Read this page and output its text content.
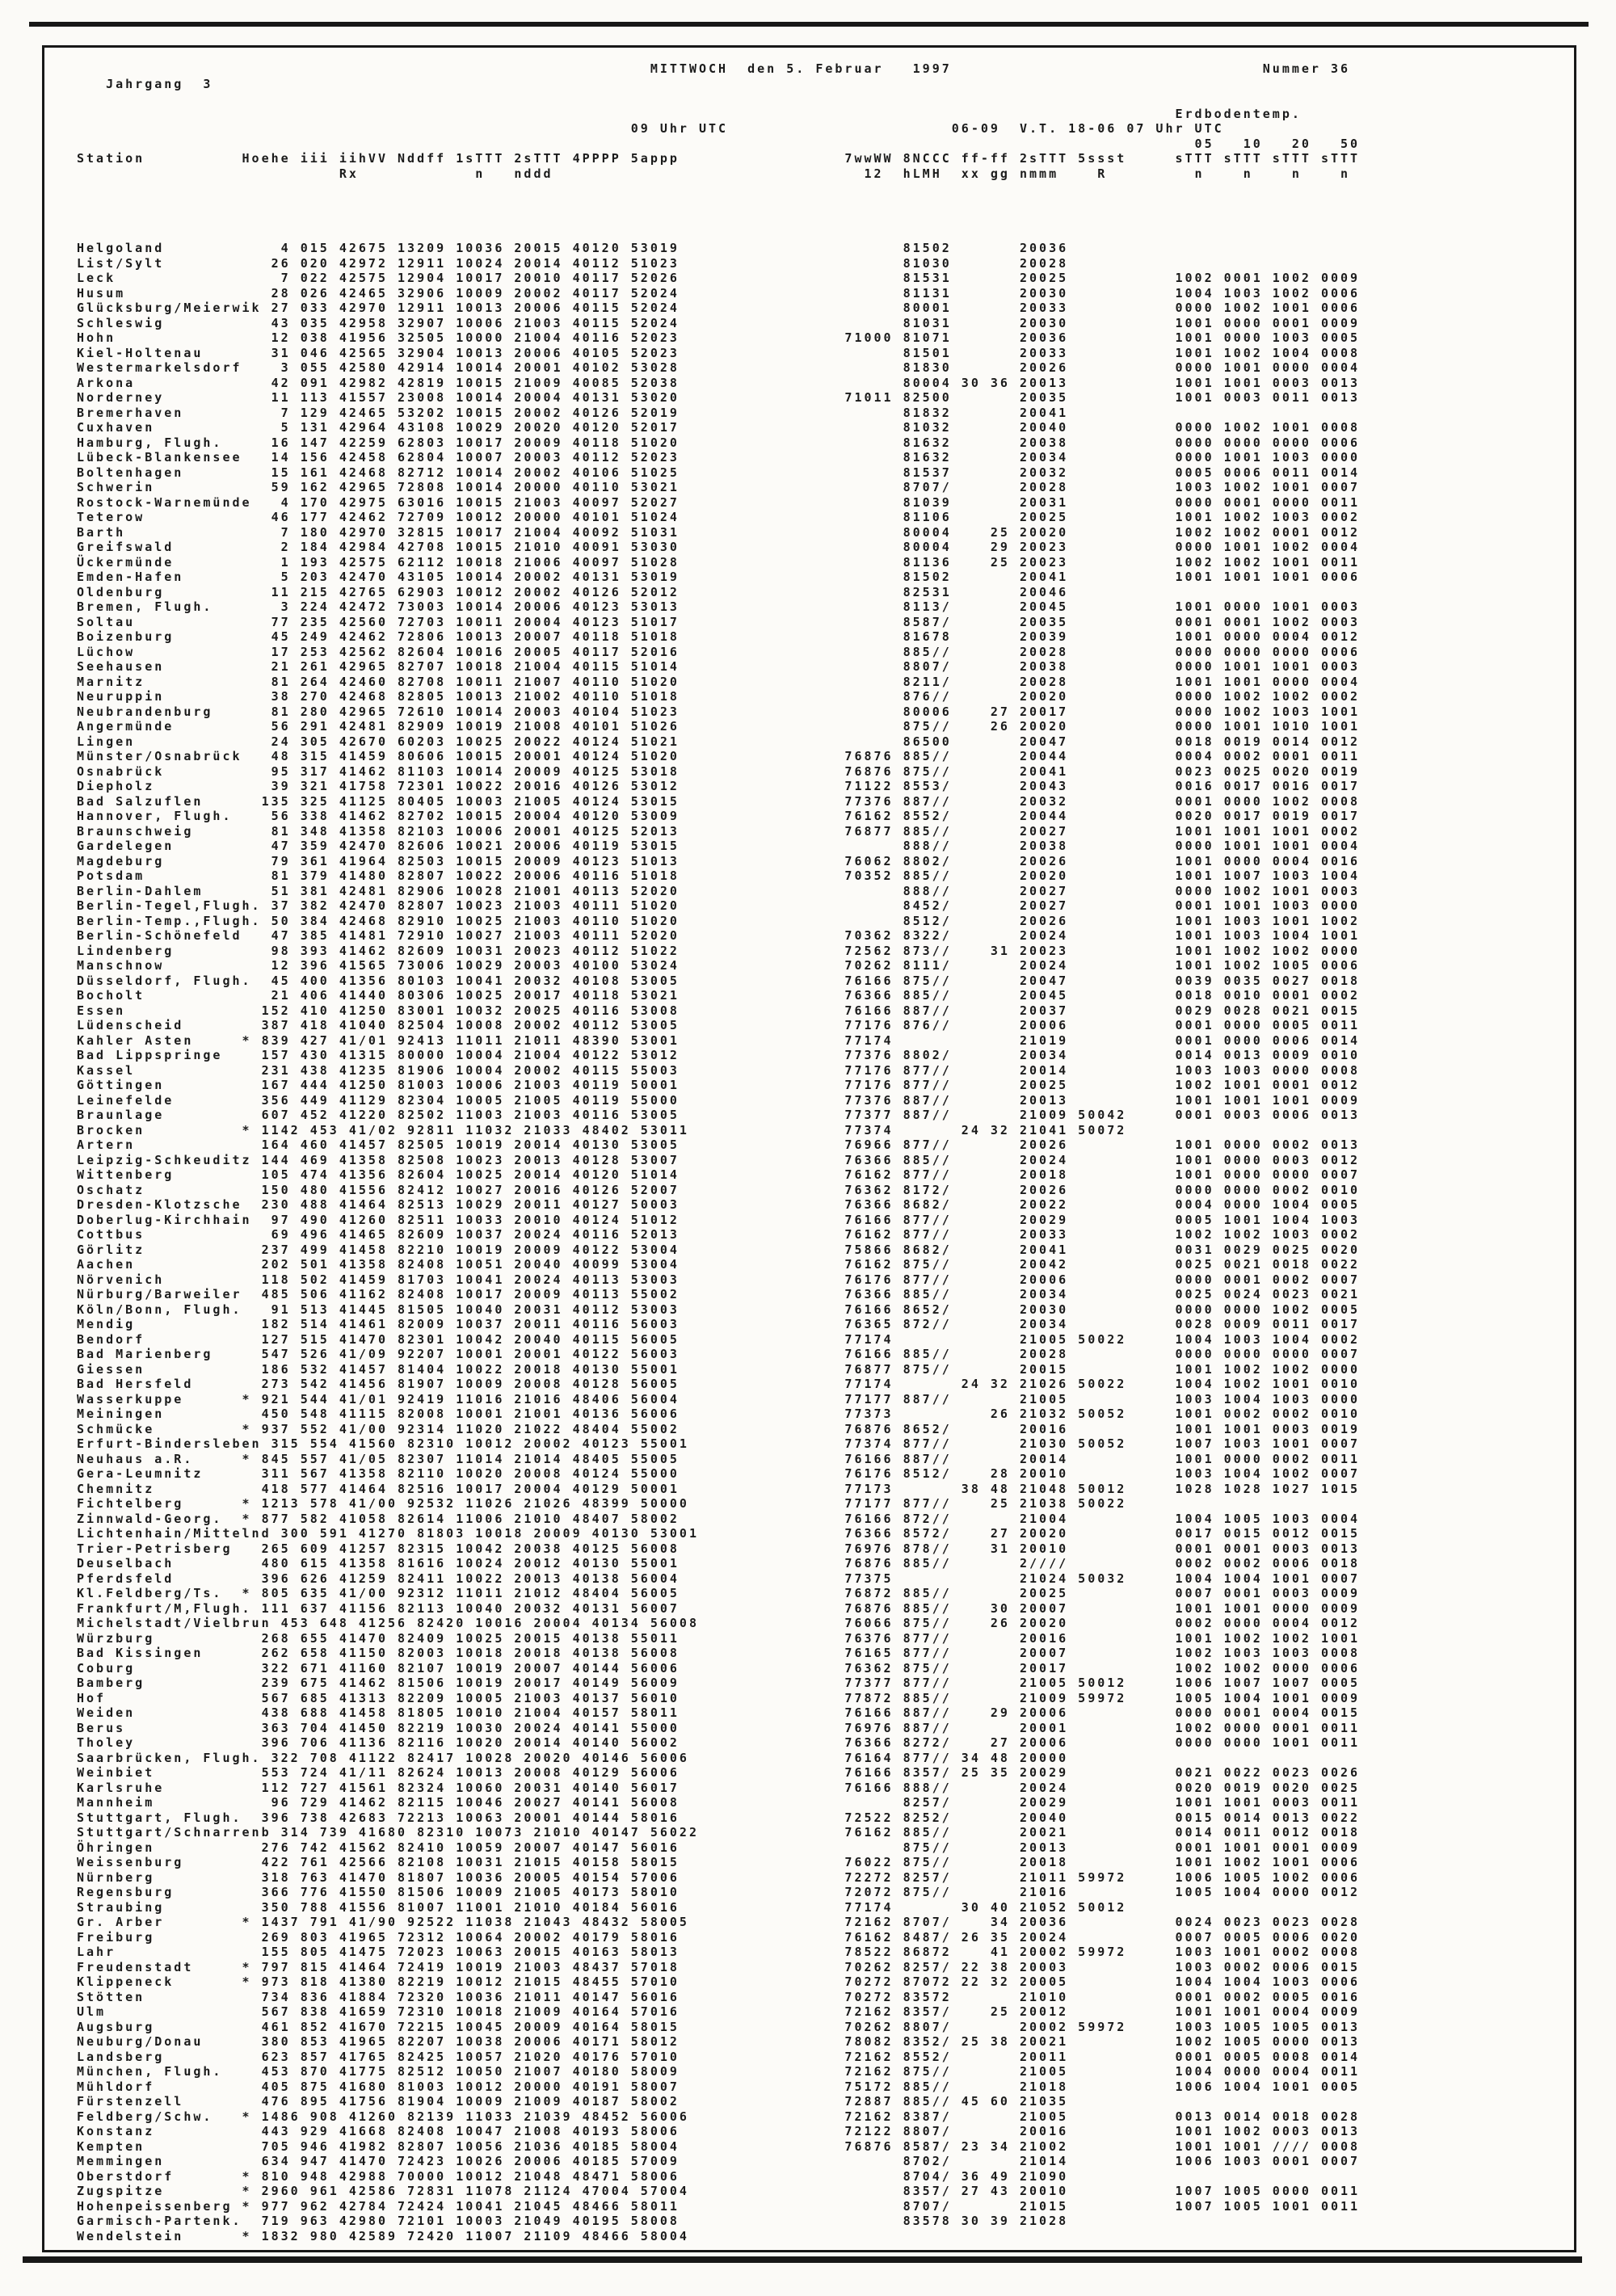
MITTWOCH  den 5. Februar   1997                                Nummer 36
Jahrgang  3

Erdbodentemp.
09 Uhr UTC                       06-09  V.T. 18-06 07 Uhr UTC
05   10   20   50
Station          Hoehe iii iihVV Nddff 1sTTT 2sTTT 4PPPP 5appp                 7wwWW 8NCCC ff-ff 2sTTT 5ssst     sTTT sTTT sTTT sTTT
Rx            n   nddd                                12  hLMH  xx gg nmmm    R         n    n    n    n

Helgoland            4 015 42675 13209 10036 20015 40120 53019                       81502       20036
List/Sylt           26 020 42972 12911 10024 20014 40112 51023                       81030       20028
Leck                 7 022 42575 12904 10017 20010 40117 52026                       81531       20025           1002 0001 1002 0009
Husum               28 026 42465 32906 10009 20002 40117 52024                       81131       20030           1004 1003 1002 0006
Glücksburg/Meierwik 27 033 42970 12911 10013 20006 40115 52024                       80001       20033           0000 1002 1001 0006
Schleswig           43 035 42958 32907 10006 21003 40115 52024                       81031       20030           1001 0000 0001 0009
Hohn                12 038 41956 32505 10000 21004 40116 52023                 71000 81071       20036           1001 0000 1003 0005
Kiel-Holtenau       31 046 42565 32904 10013 20006 40105 52023                       81501       20033           1001 1002 1004 0008
Westermarkelsdorf    3 055 42580 42914 10014 20001 40102 53028                       81830       20026           0000 1001 0000 0004
Arkona              42 091 42982 42819 10015 21009 40085 52038                       80004 30 36 20013           1001 1001 0003 0013
Norderney           11 113 41557 23008 10014 20004 40131 53020                 71011 82500       20035           1001 0003 0011 0013
Bremerhaven          7 129 42465 53202 10015 20002 40126 52019                       81832       20041
Cuxhaven             5 131 42964 43108 10029 20020 40120 52017                       81032       20040           0000 1002 1001 0008
Hamburg, Flugh.     16 147 42259 62803 10017 20009 40118 51020                       81632       20038           0000 0000 0000 0006
Lübeck-Blankensee   14 156 42458 62804 10007 20003 40112 52023                       81632       20034           0000 1001 1003 0000
Boltenhagen         15 161 42468 82712 10014 20002 40106 51025                       81537       20032           0005 0006 0011 0014
Schwerin            59 162 42965 72808 10014 20000 40110 53021                       8707/       20028           1003 1002 1001 0007
Rostock-Warnemünde   4 170 42975 63016 10015 21003 40097 52027                       81039       20031           0000 0001 0000 0011
Teterow             46 177 42462 72709 10012 20000 40101 51024                       81106       20025           1001 1002 1003 0002
Barth                7 180 42970 32815 10017 21004 40092 51031                       80004    25 20020           1002 1002 0001 0012
Greifswald           2 184 42984 42708 10015 21010 40091 53030                       80004    29 20023           0000 1001 1002 0004
Ückermünde           1 193 42575 62112 10018 21006 40097 51028                       81136    25 20023           1002 1002 1001 0011
Emden-Hafen          5 203 42470 43105 10014 20002 40131 53019                       81502       20041           1001 1001 1001 0006
Oldenburg           11 215 42765 62903 10012 20002 40126 52012                       82531       20046
Bremen, Flugh.       3 224 42472 73003 10014 20006 40123 53013                       8113/       20045           1001 0000 1001 0003
Soltau              77 235 42560 72703 10011 20004 40123 51017                       8587/       20035           0001 0001 1002 0003
Boizenburg          45 249 42462 72806 10013 20007 40118 51018                       81678       20039           1001 0000 0004 0012
Lüchow              17 253 42562 82604 10016 20005 40117 52016                       885//       20028           0000 0000 0000 0006
Seehausen           21 261 42965 82707 10018 21004 40115 51014                       8807/       20038           0000 1001 1001 0003
Marnitz             81 264 42460 82708 10011 21007 40110 51020                       8211/       20028           1001 1001 0000 0004
Neuruppin           38 270 42468 82805 10013 21002 40110 51018                       876//       20020           0000 1002 1002 0002
Neubrandenburg      81 280 42965 72610 10014 20003 40104 51023                       80006    27 20017           0000 1002 1003 1001
Angermünde          56 291 42481 82909 10019 21008 40101 51026                       875//    26 20020           0000 1001 1010 1001
Lingen              24 305 42670 60203 10025 20022 40124 51021                       86500       20047           0018 0019 0014 0012
Münster/Osnabrück   48 315 41459 80606 10015 20001 40124 51020                 76876 885//       20044           0004 0002 0001 0011
Osnabrück           95 317 41462 81103 10014 20009 40125 53018                 76876 875//       20041           0023 0025 0020 0019
Diepholz            39 321 41758 72301 10022 20016 40126 53012                 71122 8553/       20043           0016 0017 0016 0017
Bad Salzuflen      135 325 41125 80405 10003 21005 40124 53015                 77376 887//       20032           0001 0000 1002 0008
Hannover, Flugh.    56 338 41462 82702 10015 20004 40120 53009                 76162 8552/       20044           0020 0017 0019 0017
Braunschweig        81 348 41358 82103 10006 20001 40125 52013                 76877 885//       20027           1001 1001 1001 0002
Gardelegen          47 359 42470 82606 10021 20006 40119 53015                       888//       20038           0000 1001 1001 0004
Magdeburg           79 361 41964 82503 10015 20009 40123 51013                 76062 8802/       20026           1001 0000 0004 0016
Potsdam             81 379 41480 82807 10022 20006 40116 51018                 70352 885//       20020           1001 1007 1003 1004
Berlin-Dahlem       51 381 42481 82906 10028 21001 40113 52020                       888//       20027           0000 1002 1001 0003
Berlin-Tegel,Flugh. 37 382 42470 82807 10023 21003 40111 51020                       8452/       20027           0001 1001 1003 0000
Berlin-Temp.,Flugh. 50 384 42468 82910 10025 21003 40110 51020                       8512/       20026           1001 1003 1001 1002
Berlin-Schönefeld   47 385 41481 72910 10027 21003 40111 52020                 70362 8322/       20024           1001 1003 1004 1001
Lindenberg          98 393 41462 82609 10031 20023 40112 51022                 72562 873//    31 20023           1001 1002 1002 0000
Manschnow           12 396 41565 73006 10029 20003 40100 53024                 70262 8111/       20024           1001 1002 1005 0006
Düsseldorf, Flugh.  45 400 41356 80103 10041 20032 40108 53005                 76166 875//       20047           0039 0035 0027 0018
Bocholt             21 406 41440 80306 10025 20017 40118 53021                 76366 885//       20045           0018 0010 0001 0002
Essen              152 410 41250 83001 10032 20025 40116 53008                 76166 887//       20037           0029 0028 0021 0015
Lüdenscheid        387 418 41040 82504 10008 20002 40112 53005                 77176 876//       20006           0001 0000 0005 0011
Kahler Asten     * 839 427 41/01 92413 11011 21011 48390 53001                 77174             21019           0001 0000 0006 0014
Bad Lippspringe    157 430 41315 80000 10004 21004 40122 53012                 77376 8802/       20034           0014 0013 0009 0010
Kassel             231 438 41235 81906 10004 20002 40115 55003                 77176 877//       20014           1003 1003 0000 0008
Göttingen          167 444 41250 81003 10006 21003 40119 50001                 77176 877//       20025           1002 1001 0001 0012
Leinefelde         356 449 41129 82304 10005 21005 40119 55000                 77376 887//       20013           1001 1001 1001 0009
Braunlage          607 452 41220 82502 11003 21003 40116 53005                 77377 887//       21009 50042     0001 0003 0006 0013
Brocken          * 1142 453 41/02 92811 11032 21033 48402 53011                77374       24 32 21041 50072
Artern             164 460 41457 82505 10019 20014 40130 53005                 76966 877//       20026           1001 0000 0002 0013
Leipzig-Schkeuditz 144 469 41358 82508 10023 20013 40128 53007                 76366 885//       20024           1001 0000 0003 0012
Wittenberg         105 474 41356 82604 10025 20014 40120 51014                 76162 877//       20018           1001 0000 0000 0007
Oschatz            150 480 41556 82412 10027 20016 40126 52007                 76362 8172/       20026           0000 0000 0002 0010
Dresden-Klotzsche  230 488 41464 82513 10029 20011 40127 50003                 76366 8682/       20022           0004 0000 1004 0005
Doberlug-Kirchhain  97 490 41260 82511 10033 20010 40124 51012                 76166 877//       20029           0005 1001 1004 1003
Cottbus             69 496 41465 82609 10037 20024 40116 52013                 76162 877//       20033           1002 1002 1003 0002
Görlitz            237 499 41458 82210 10019 20009 40122 53004                 75866 8682/       20041           0031 0029 0025 0020
Aachen             202 501 41358 82408 10051 20040 40099 53004                 76162 875//       20042           0025 0021 0018 0022
Nörvenich          118 502 41459 81703 10041 20024 40113 53003                 76176 877//       20006           0000 0001 0002 0007
Nürburg/Barweiler  485 506 41162 82408 10017 20009 40113 55002                 76366 885//       20034           0025 0024 0023 0021
Köln/Bonn, Flugh.   91 513 41445 81505 10040 20031 40112 53003                 76166 8652/       20030           0000 0000 1002 0005
Mendig             182 514 41461 82009 10037 20011 40116 56003                 76365 872//       20034           0028 0009 0011 0017
Bendorf            127 515 41470 82301 10042 20040 40115 56005                 77174             21005 50022     1004 1003 1004 0002
Bad Marienberg     547 526 41/09 92207 10001 20001 40122 56003                 76166 885//       20028           0000 0000 0000 0007
Giessen            186 532 41457 81404 10022 20018 40130 55001                 76877 875//       20015           1001 1002 1002 0000
Bad Hersfeld       273 542 41456 81907 10009 20008 40128 56005                 77174       24 32 21026 50022     1004 1002 1001 0010
Wasserkuppe      * 921 544 41/01 92419 11016 21016 48406 56004                 77177 887//       21005           1003 1004 1003 0000
Meiningen          450 548 41115 82008 10001 21001 40136 56006                 77373          26 21032 50052     1001 0002 0002 0010
Schmücke         * 937 552 41/00 92314 11020 21022 48404 55002                 76876 8652/       20016           1001 1001 0003 0019
Erfurt-Bindersleben 315 554 41560 82310 10012 20002 40123 55001                77374 877//       21030 50052     1007 1003 1001 0007
Neuhaus a.R.     * 845 557 41/05 82307 11014 21014 48405 55005                 76166 887//       20014           1001 0000 0002 0011
Gera-Leumnitz      311 567 41358 82110 10020 20008 40124 55000                 76176 8512/    28 20010           1003 1004 1002 0007
Chemnitz           418 577 41464 82516 10017 20004 40129 50001                 77173       38 48 21048 50012     1028 1028 1027 1015
Fichtelberg      * 1213 578 41/00 92532 11026 21026 48399 50000                77177 877//    25 21038 50022
Zinnwald-Georg.  * 877 582 41058 82614 11006 21010 48407 58002                 76166 872//       21004           1004 1005 1003 0004
Lichtenhain/Mittelnd 300 591 41270 81803 10018 20009 40130 53001               76366 8572/    27 20020           0017 0015 0012 0015
Trier-Petrisberg   265 609 41257 82315 10042 20038 40125 56008                 76976 878//    31 20010           0001 0001 0003 0013
Deuselbach         480 615 41358 81616 10024 20012 40130 55001                 76876 885//       2////           0002 0002 0006 0018
Pferdsfeld         396 626 41259 82411 10022 20013 40138 56004                 77375             21024 50032     1004 1004 1001 0007
Kl.Feldberg/Ts.  * 805 635 41/00 92312 11011 21012 48404 56005                 76872 885//       20025           0007 0001 0003 0009
Frankfurt/M,Flugh. 111 637 41156 82113 10040 20032 40131 56007                 76876 885//    30 20007           1001 1001 0000 0009
Michelstadt/Vielbrun 453 648 41256 82420 10016 20004 40134 56008               76066 875//    26 20020           0002 0000 0004 0012
Würzburg           268 655 41470 82409 10025 20015 40138 55011                 76376 877//       20016           1001 1002 1002 1001
Bad Kissingen      262 658 41150 82003 10018 20018 40138 56008                 76165 877//       20007           1002 1003 1003 0008
Coburg             322 671 41160 82107 10019 20007 40144 56006                 76362 875//       20017           1002 1002 0000 0006
Bamberg            239 675 41462 81506 10019 20017 40149 56009                 77377 877//       21005 50012     1006 1007 1007 0005
Hof                567 685 41313 82209 10005 21003 40137 56010                 77872 885//       21009 59972     1005 1004 1001 0009
Weiden             438 688 41458 81805 10010 21004 40157 58011                 76166 887//    29 20006           0000 0001 0004 0015
Berus              363 704 41450 82219 10030 20024 40141 55000                 76976 887//       20001           1002 0000 0001 0011
Tholey             396 706 41136 82116 10020 20014 40140 56002                 76366 8272/    27 20006           0000 0000 1001 0011
Saarbrücken, Flugh. 322 708 41122 82417 10028 20020 40146 56006                76164 877// 34 48 20000
Weinbiet           553 724 41/11 82624 10013 20008 40129 56006                 76166 8357/ 25 35 20029           0021 0022 0023 0026
Karlsruhe          112 727 41561 82324 10060 20031 40140 56017                 76166 888//       20024           0020 0019 0020 0025
Mannheim            96 729 41462 82115 10046 20027 40141 56008                       8257/       20029           1001 1001 0003 0011
Stuttgart, Flugh.  396 738 42683 72213 10063 20001 40144 58016                 72522 8252/       20040           0015 0014 0013 0022
Stuttgart/Schnarrenb 314 739 41680 82310 10073 21010 40147 56022               76162 885//       20021           0014 0011 0012 0018
Öhringen           276 742 41562 82410 10059 20007 40147 56016                       875//       20013           0001 1001 0001 0009
Weissenburg        422 761 42566 82108 10031 21015 40158 58015                 76022 875//       20018           1001 1002 1001 0006
Nürnberg           318 763 41470 81807 10036 20005 40154 57006                 72272 8257/       21011 59972     1006 1005 1002 0006
Regensburg         366 776 41550 81506 10009 21005 40173 58010                 72072 875//       21016           1005 1004 0000 0012
Straubing          350 788 41556 81007 11001 21010 40184 56016                 77174       30 40 21052 50012
Gr. Arber        * 1437 791 41/90 92522 11038 21043 48432 58005                72162 8707/    34 20036           0024 0023 0023 0028
Freiburg           269 803 41965 72312 10064 20002 40179 58016                 76162 8487/ 26 35 20024           0007 0005 0006 0020
Lahr               155 805 41475 72023 10063 20015 40163 58013                 78522 86872    41 20002 59972     1003 1001 0002 0008
Freudenstadt     * 797 815 41464 72419 10019 21003 48437 57018                 70262 8257/ 22 38 20003           1003 0002 0006 0015
Klippeneck       * 973 818 41380 82219 10012 21015 48455 57010                 70272 87072 22 32 20005           1004 1004 1003 0006
Stötten            734 836 41884 72320 10036 21011 40147 56016                 70272 83572       21010           0001 0002 0005 0016
Ulm                567 838 41659 72310 10018 21009 40164 57016                 72162 8357/    25 20012           1001 1001 0004 0009
Augsburg           461 852 41670 72215 10045 20009 40164 58015                 70262 8807/       20002 59972     1003 1005 1005 0013
Neuburg/Donau      380 853 41965 82207 10038 20006 40171 58012                 78082 8352/ 25 38 20021           1002 1005 0000 0013
Landsberg          623 857 41765 82425 10057 21020 40176 57010                 72162 8552/       20011           0001 0005 0008 0014
München, Flugh.    453 870 41775 82512 10050 21007 40180 58009                 72162 875//       21005           1004 0000 0004 0011
Mühldorf           405 875 41680 81003 10012 20000 40191 58007                 75172 885//       21018           1006 1004 1001 0005
Fürstenzell        476 895 41756 81904 10009 21009 40187 58002                 72887 885// 45 60 21035
Feldberg/Schw.   * 1486 908 41260 82139 11033 21039 48452 56006                72162 8387/       21005           0013 0014 0018 0028
Konstanz           443 929 41668 82408 10047 21008 40193 58006                 72122 8807/       20016           1001 1002 0003 0013
Kempten            705 946 41982 82807 10056 21036 40185 58004                 76876 8587/ 23 34 21002           1001 1001 //// 0008
Memmingen          634 947 41470 72423 10026 20006 40185 57009                       8702/       21014           1006 1003 0001 0007
Oberstdorf       * 810 948 42988 70000 10012 21048 48471 58006                       8704/ 36 49 21090
Zugspitze        * 2960 961 42586 72831 11078 21124 47004 57004                      8357/ 27 43 20010           1007 1005 0000 0011
Hohenpeissenberg * 977 962 42784 72424 10041 21045 48466 58011                       8707/       21015           1007 1005 1001 0011
Garmisch-Partenk.  719 963 42980 72101 10003 21049 40195 58008                       83578 30 39 21028
Wendelstein      * 1832 980 42589 72420 11007 21109 48466 58004
